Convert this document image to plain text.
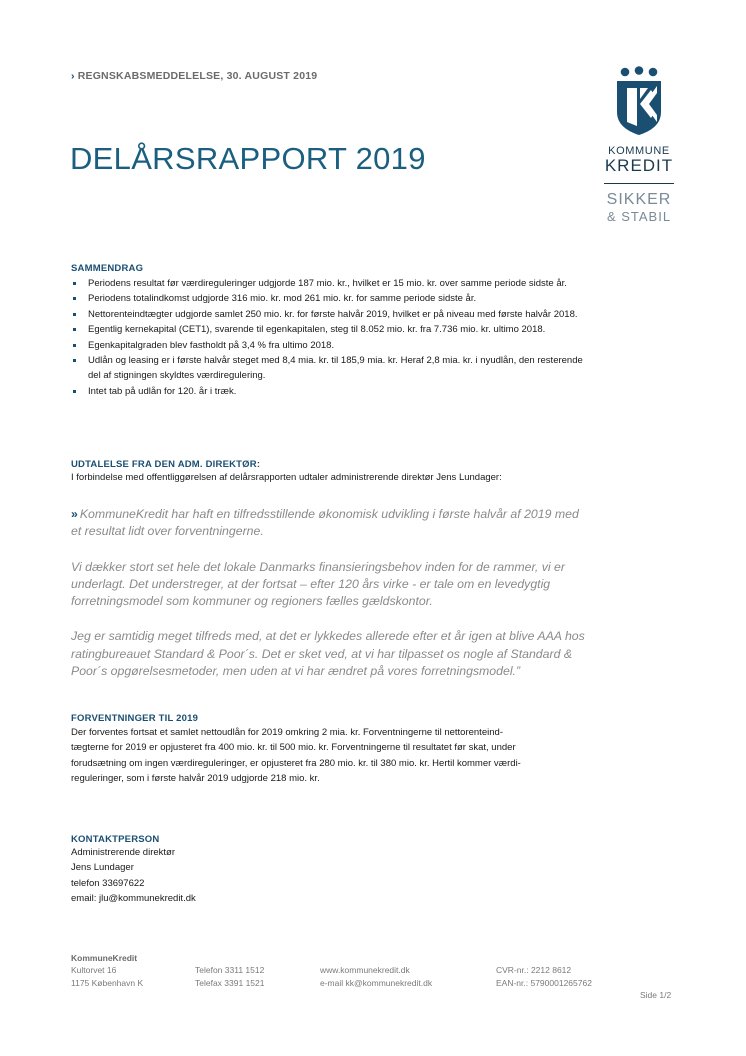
› REGNSKABSMEDDELELSE, 30. AUGUST 2019
DELÅRSRAPPORT 2019	KOMMUNE
KREDIT
SIKKER
& STABIL
SAMMENDRAG
Periodens resultat før værdireguleringer udgjorde 187 mio. kr., hvilket er 15 mio. kr. over samme periode sidste år.
Periodens totalindkomst udgjorde 316 mio. kr. mod 261 mio. kr. for samme periode sidste år.
Nettorenteindtægter udgjorde samlet 250 mio. kr. for første halvår 2019, hvilket er på niveau med første halvår 2018.
Egentlig kernekapital (CET1), svarende til egenkapitalen, steg til 8.052 mio. kr. fra 7.736 mio. kr. ultimo 2018.
Egenkapitalgraden blev fastholdt på 3,4 % fra ultimo 2018.
Udlån og leasing er i første halvår steget med 8,4 mia. kr. til 185,9 mia. kr. Heraf 2,8 mia. kr. i nyudlån, den resterende del af stigningen skyldtes værdiregulering.
Intet tab på udlån for 120. år i træk.
UDTALELSE FRA DEN ADM. DIREKTØR:
I forbindelse med offentliggørelsen af delårsrapporten udtaler administrerende direktør Jens Lundager:

» KommuneKredit har haft en tilfredsstillende økonomisk udvikling i første halvår af 2019 med et resultat lidt over forventningerne.

Vi dækker stort set hele det lokale Danmarks finansieringsbehov inden for de rammer, vi er underlagt. Det understreger, at der fortsat – efter 120 års virke - er tale om en levedygtig forretningsmodel som kommuner og regioners fælles gældskontor.

Jeg er samtidig meget tilfreds med, at det er lykkedes allerede efter et år igen at blive AAA hos ratingbureauet Standard & Poor´s. Det er sket ved, at vi har tilpasset os nogle af Standard & Poor´s opgørelsesmetoder, men uden at vi har ændret på vores forretningsmodel.”

FORVENTNINGER TIL 2019
Der forventes fortsat et samlet nettoudlån for 2019 omkring 2 mia. kr. Forventningerne til nettorenteind-
tægterne for 2019 er opjusteret fra 400 mio. kr. til 500 mio. kr. Forventningerne til resultatet før skat, under
forudsætning om ingen værdireguleringer, er opjusteret fra 280 mio. kr. til 380 mio. kr. Hertil kommer værdi-
reguleringer, som i første halvår 2019 udgjorde 218 mio. kr.
KONTAKTPERSON
Administrerende direktør
Jens Lundager
telefon 33697622
email: jlu@kommunekredit.dk
KommuneKredit
Kultorvet 16
1175 København K
Telefon 3311 1512
Telefax 3391 1521
www.kommunekredit.dk
e-mail kk@kommunekredit.dk
CVR-nr.: 2212 8612
EAN-nr.: 5790001265762
Side 1/2
